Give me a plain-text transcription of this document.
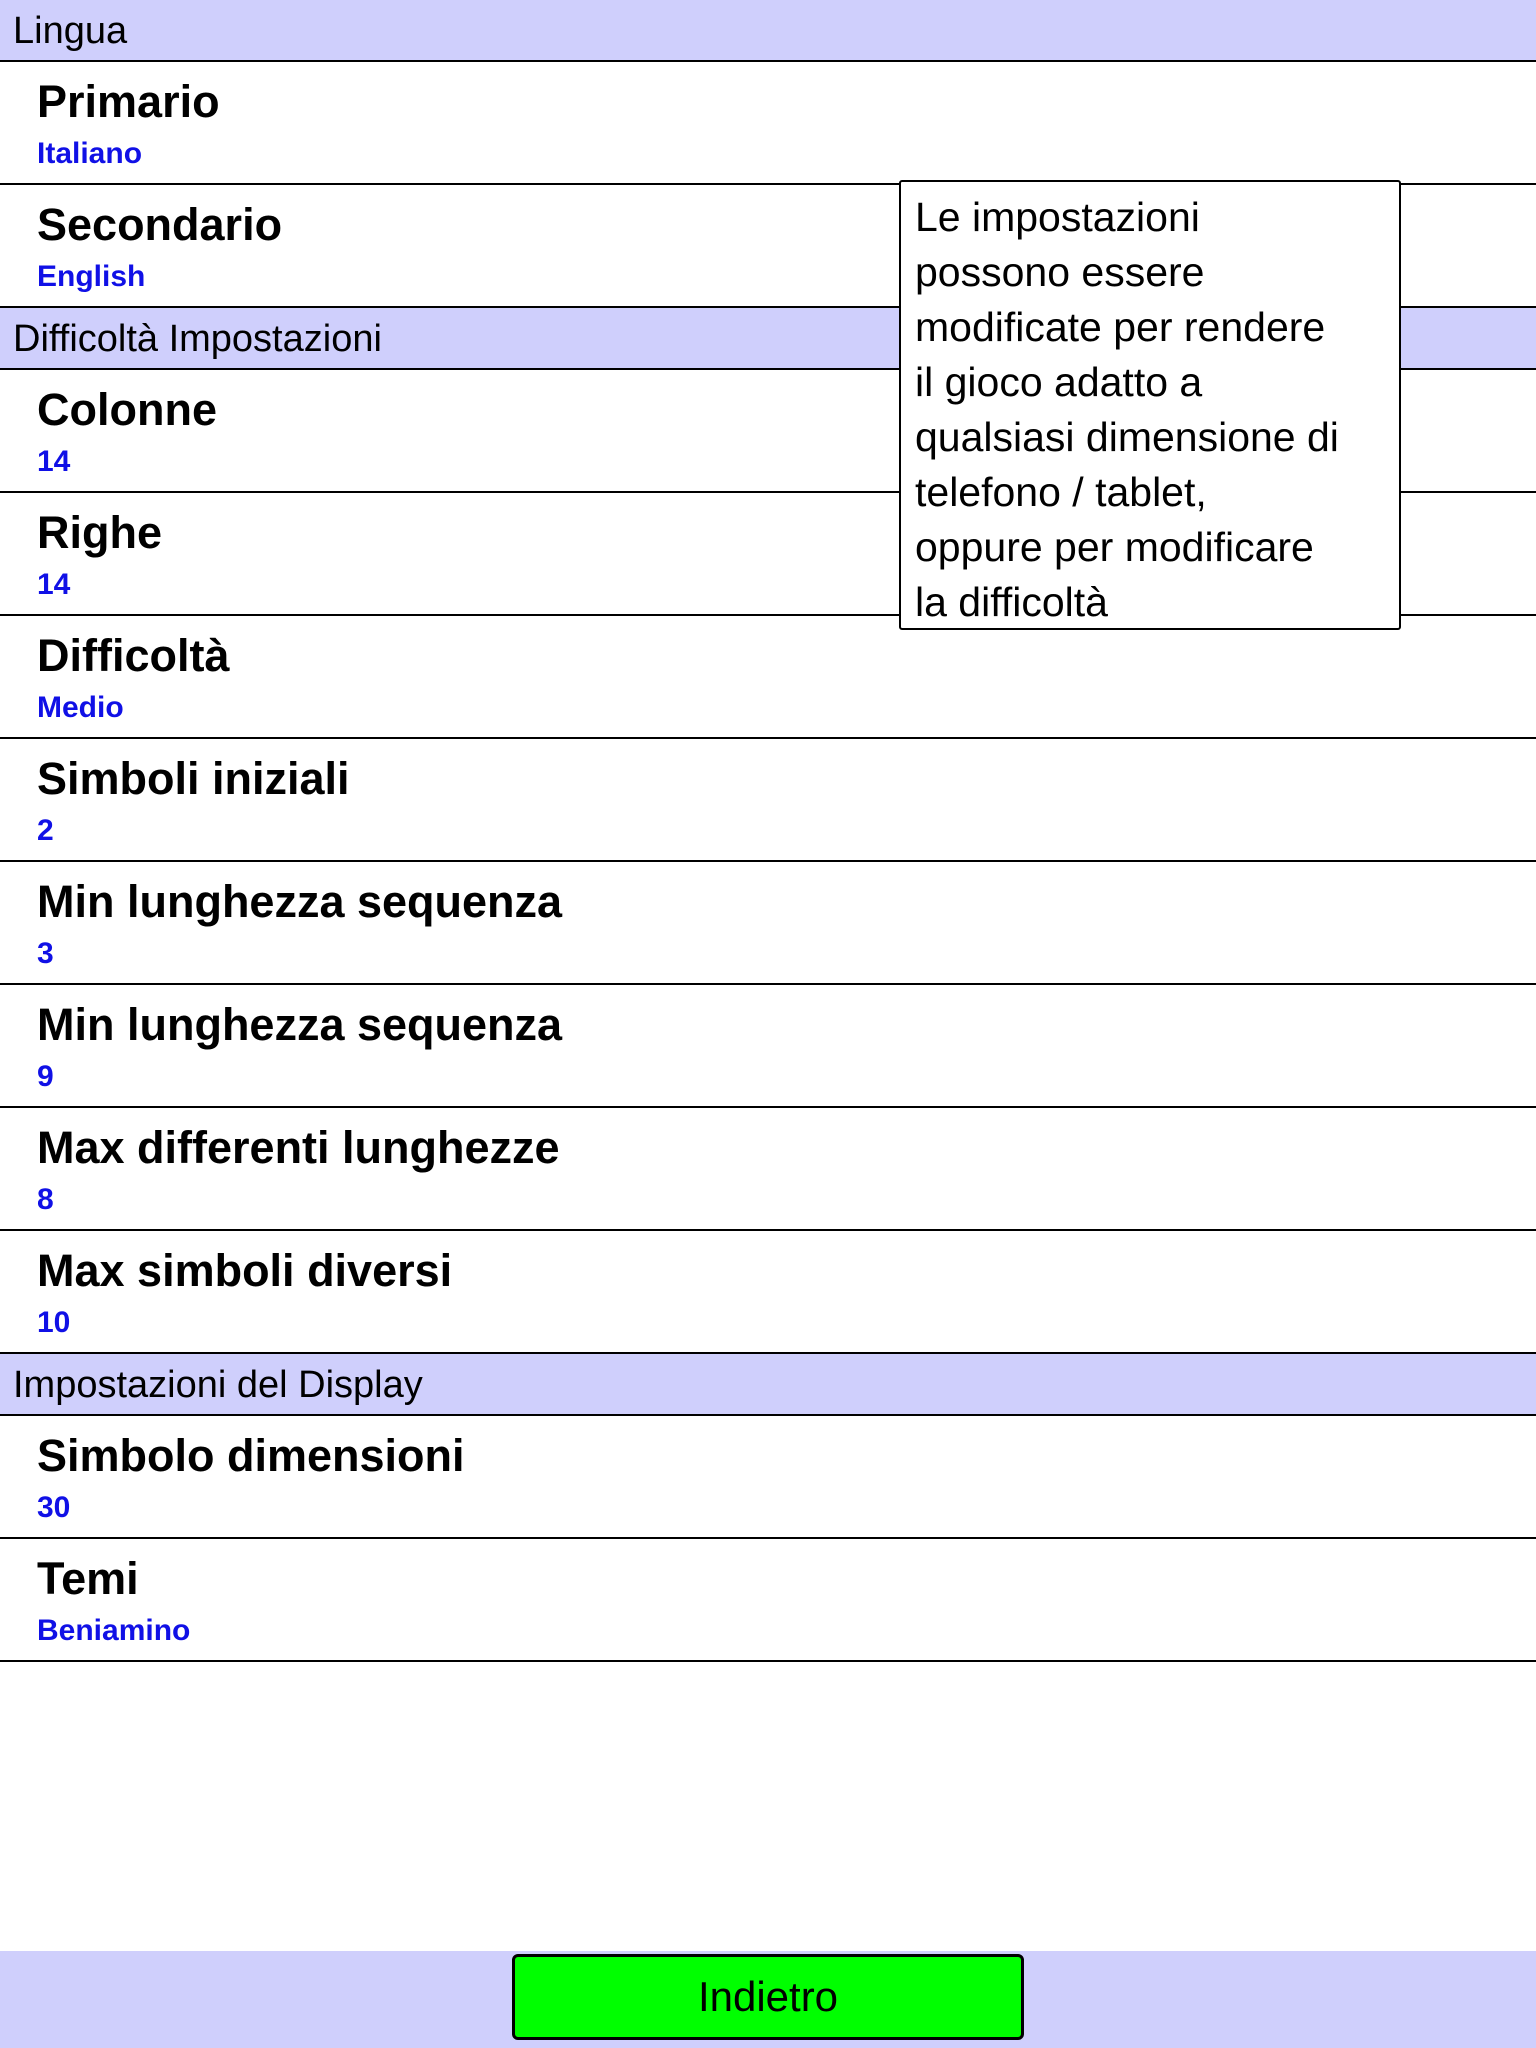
Lingua
Primario
Italiano
Secondario
English
Difficoltà Impostazioni
Colonne
14
Righe
14
Difficoltà
Medio
Simboli iniziali
2
Min lunghezza sequenza
3
Min lunghezza sequenza
9
Max differenti lunghezze
8
Max simboli diversi
10
Impostazioni del Display
Simbolo dimensioni
30
Temi
Beniamino
Le impostazioni
possono essere
modificate per rendere
il gioco adatto a
qualsiasi dimensione di
telefono / tablet,
oppure per modificare
la difficoltà
Indietro
